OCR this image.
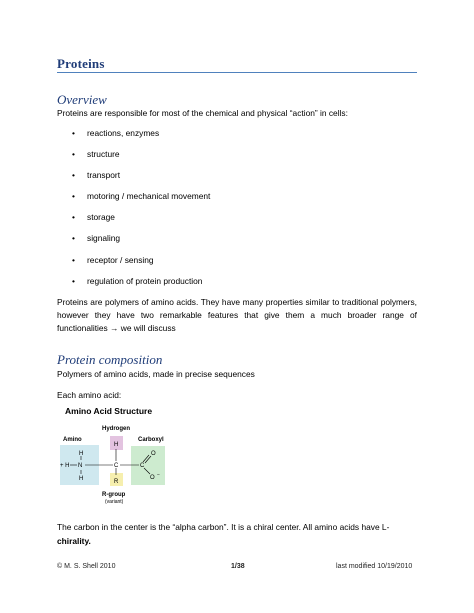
Proteins
Overview
Proteins are responsible for most of the chemical and physical “action” in cells:
• reactions, enzymes
• structure
• transport
• motoring / mechanical movement
• storage
• signaling
• receptor / sensing
• regulation of protein production
Proteins are polymers of amino acids. They have many properties similar to traditional polymers, however they have two remarkable features that give them a much broader range of functionalities → we will discuss
Protein composition
Polymers of amino acids, made in precise sequences
Each amino acid:
Amino Acid Structure
Hydrogen
Amino	Carboxyl
H
H
+ H N
H
C	C
O
O −
R
R-group
(variant)
The carbon in the center is the “alpha carbon”. It is a chiral center. All amino acids have L-
chirality.
© M. S. Shell 2010	1/38	last modified 10/19/2010
